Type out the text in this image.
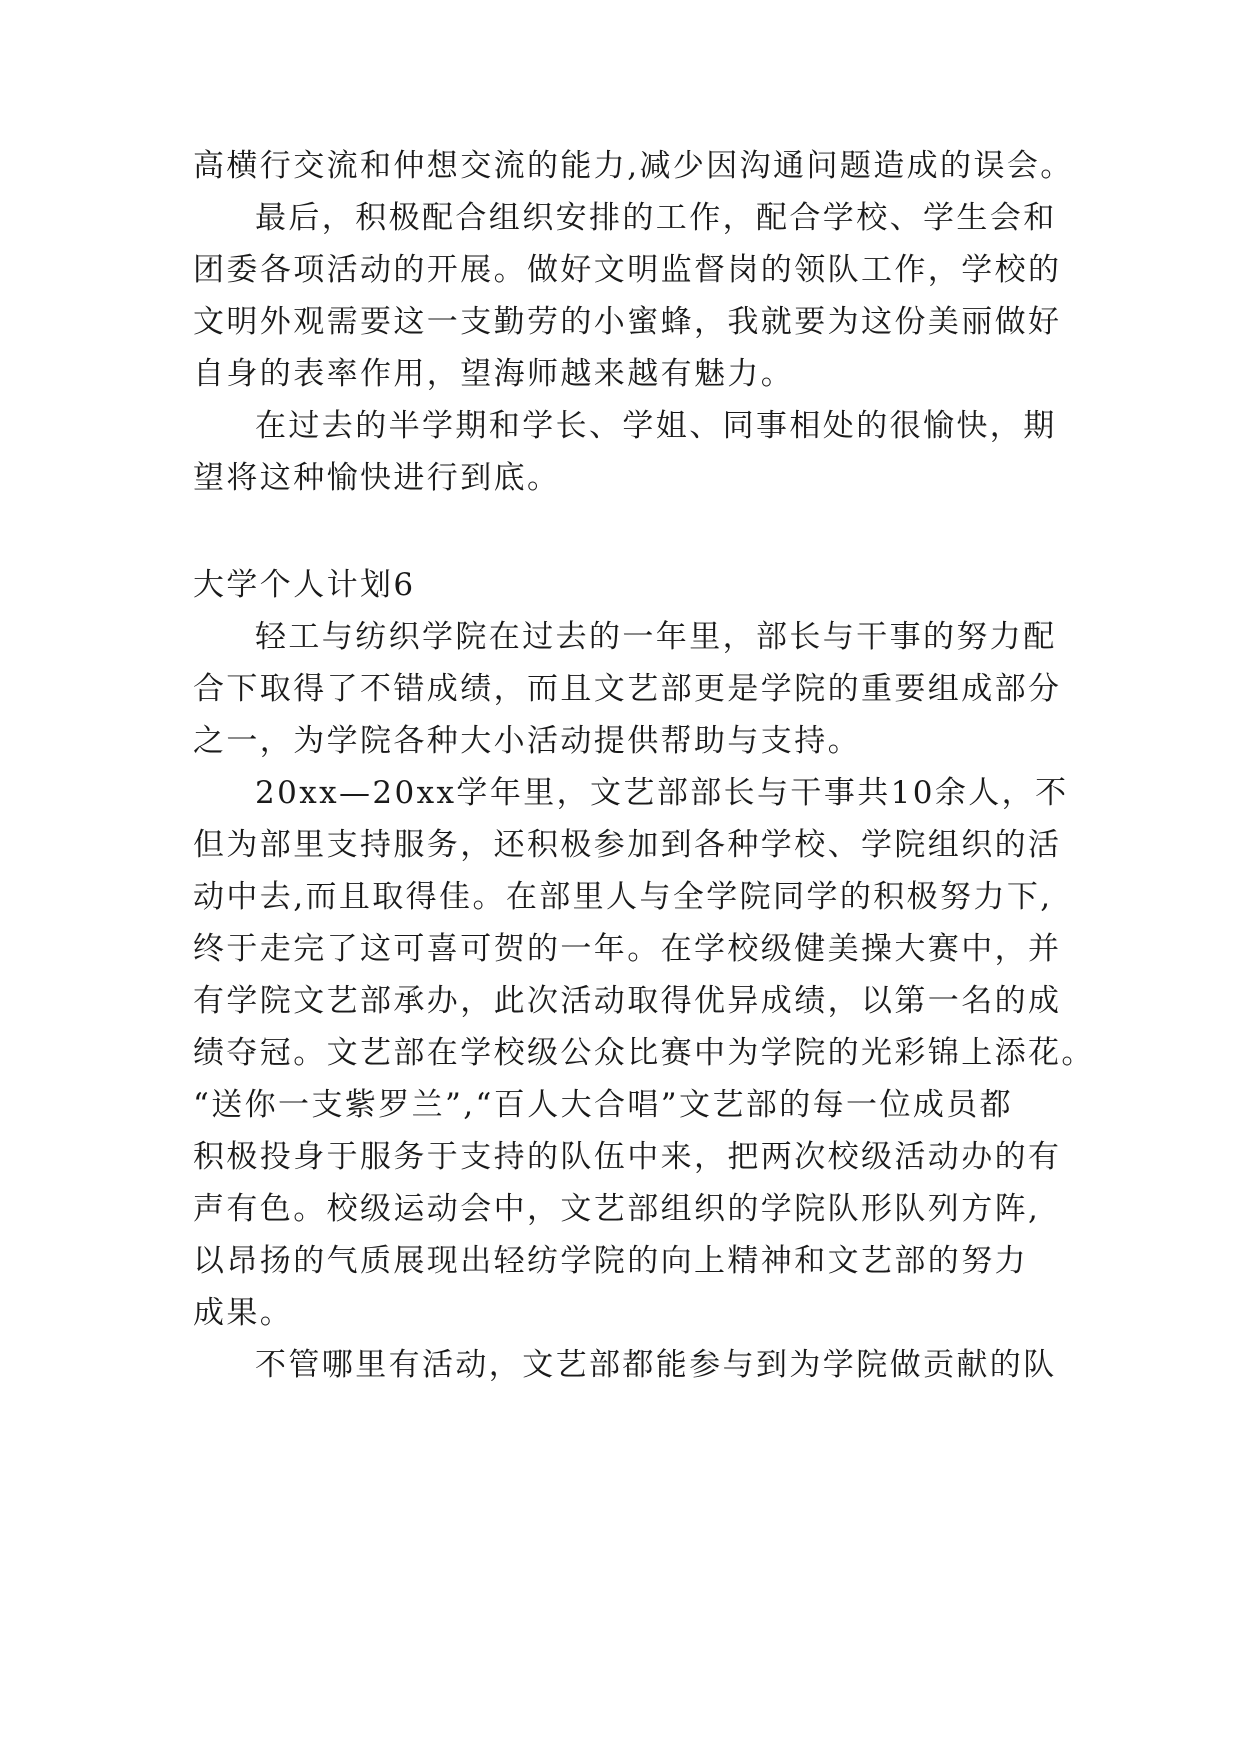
高横行交流和仲想交流的能力,减少因沟通问题造成的误会。
最后，积极配合组织安排的工作，配合学校、学生会和
团委各项活动的开展。做好文明监督岗的领队工作，学校的
文明外观需要这一支勤劳的小蜜蜂，我就要为这份美丽做好
自身的表率作用，望海师越来越有魅力。
在过去的半学期和学长、学姐、同事相处的很愉快，期
望将这种愉快进行到底。
大学个人计划6
轻工与纺织学院在过去的一年里，部长与干事的努力配
合下取得了不错成绩，而且文艺部更是学院的重要组成部分
之一，为学院各种大小活动提供帮助与支持。
20xx—20xx学年里，文艺部部长与干事共10余人，不
但为部里支持服务，还积极参加到各种学校、学院组织的活
动中去,而且取得佳。在部里人与全学院同学的积极努力下,
终于走完了这可喜可贺的一年。在学校级健美操大赛中，并
有学院文艺部承办，此次活动取得优异成绩，以第一名的成
绩夺冠。文艺部在学校级公众比赛中为学院的光彩锦上添花。
“送你一支紫罗兰”,“百人大合唱”文艺部的每一位成员都
积极投身于服务于支持的队伍中来，把两次校级活动办的有
声有色。校级运动会中，文艺部组织的学院队形队列方阵,
以昂扬的气质展现出轻纺学院的向上精神和文艺部的努力
成果。
不管哪里有活动，文艺部都能参与到为学院做贡献的队
